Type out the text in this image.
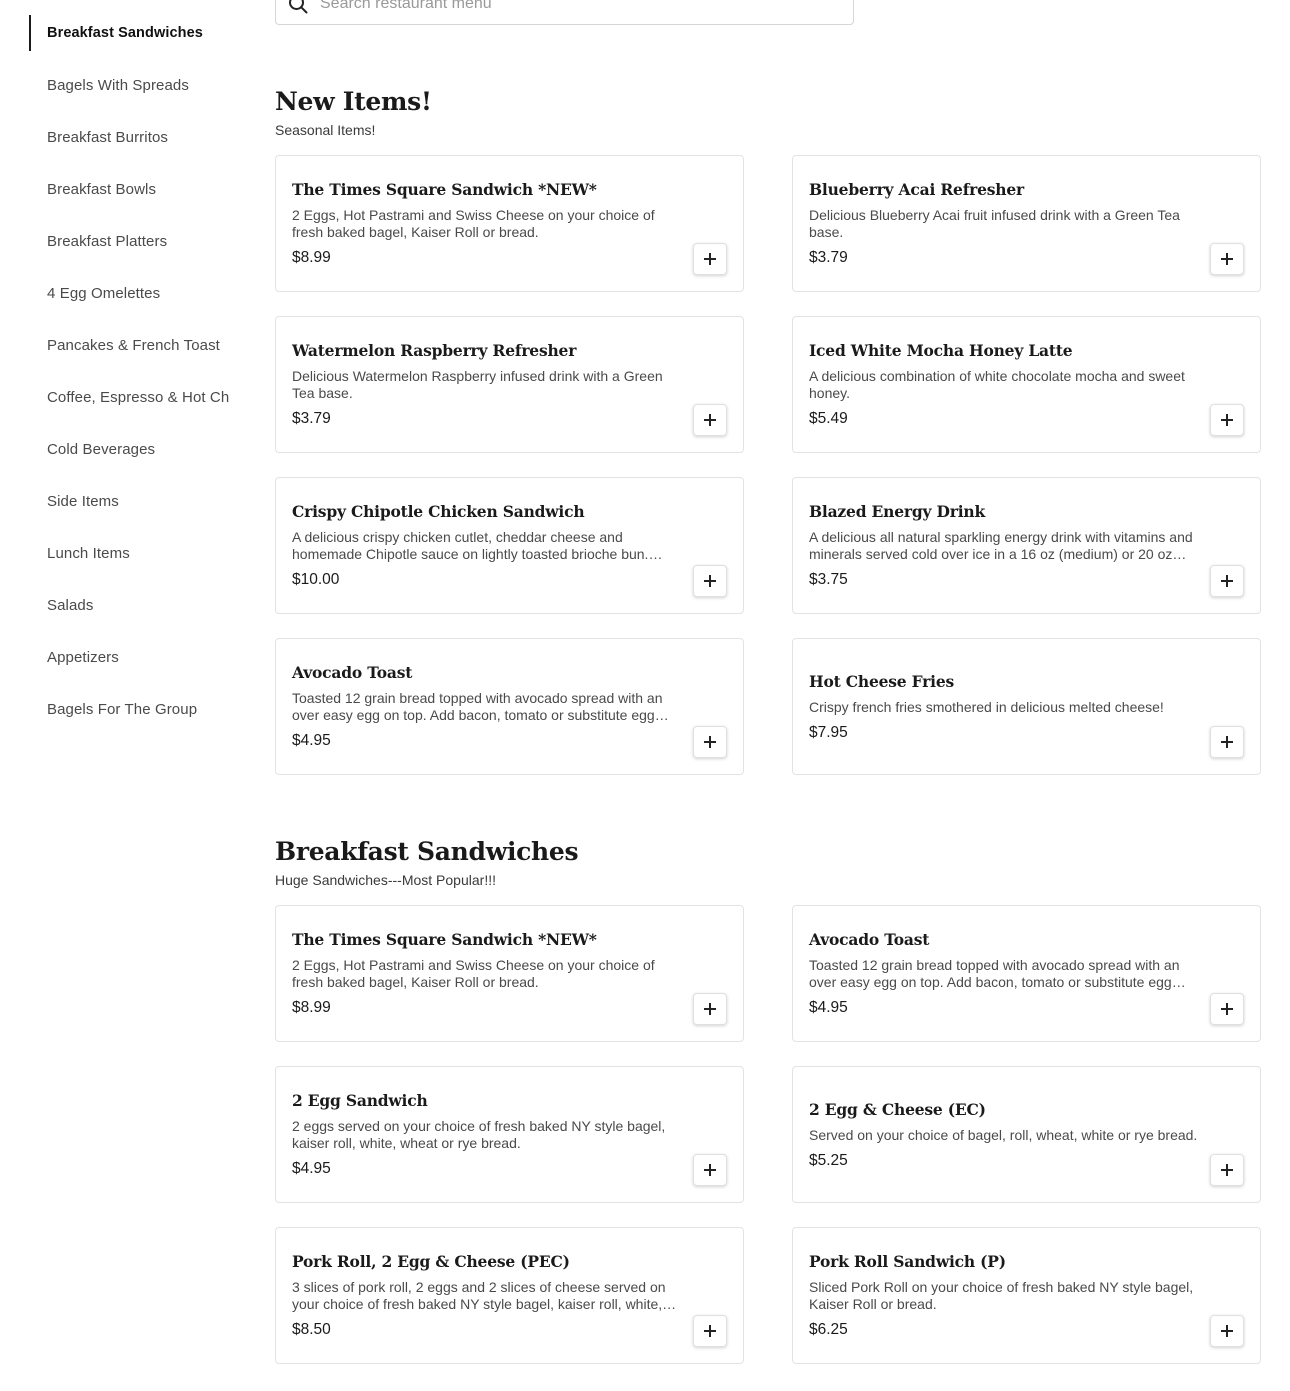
Breakfast Sandwiches
Bagels With Spreads
Breakfast Burritos
Breakfast Bowls
Breakfast Platters
4 Egg Omelettes
Pancakes & French Toast
Coffee, Espresso & Hot Ch
Cold Beverages
Side Items
Lunch Items
Salads
Appetizers
Bagels For The Group
Search restaurant menu
New Items!

Seasonal Items!

The Times Square Sandwich *NEW*
2 Eggs, Hot Pastrami and Swiss Cheese on your choice of fresh baked bagel, Kaiser Roll or bread.
$8.99
Blueberry Acai Refresher
Delicious Blueberry Acai fruit infused drink with a Green Tea base.
$3.79
Watermelon Raspberry Refresher
Delicious Watermelon Raspberry infused drink with a Green Tea base.
$3.79
Iced White Mocha Honey Latte
A delicious combination of white chocolate mocha and sweet honey.
$5.49
Crispy Chipotle Chicken Sandwich
A delicious crispy chicken cutlet, cheddar cheese and homemade Chipotle sauce on lightly toasted brioche bun.
$10.00
Blazed Energy Drink
A delicious all natural sparkling energy drink with vitamins and minerals served cold over ice in a 16 oz (medium) or 20 oz
$3.75
Avocado Toast
Toasted 12 grain bread topped with avocado spread with an over easy egg on top. Add bacon, tomato or substitute egg
$4.95
Hot Cheese Fries
Crispy french fries smothered in delicious melted cheese!
$7.95
Breakfast Sandwiches

Huge Sandwiches---Most Popular!!!

The Times Square Sandwich *NEW*
2 Eggs, Hot Pastrami and Swiss Cheese on your choice of fresh baked bagel, Kaiser Roll or bread.
$8.99
Avocado Toast
Toasted 12 grain bread topped with avocado spread with an over easy egg on top. Add bacon, tomato or substitute egg
$4.95
2 Egg Sandwich
2 eggs served on your choice of fresh baked NY style bagel, kaiser roll, white, wheat or rye bread.
$4.95
2 Egg & Cheese (EC)
Served on your choice of bagel, roll, wheat, white or rye bread.
$5.25
Pork Roll, 2 Egg & Cheese (PEC)
3 slices of pork roll, 2 eggs and 2 slices of cheese served on your choice of fresh baked NY style bagel, kaiser roll, white,
$8.50
Pork Roll Sandwich (P)
Sliced Pork Roll on your choice of fresh baked NY style bagel, Kaiser Roll or bread.
$6.25
